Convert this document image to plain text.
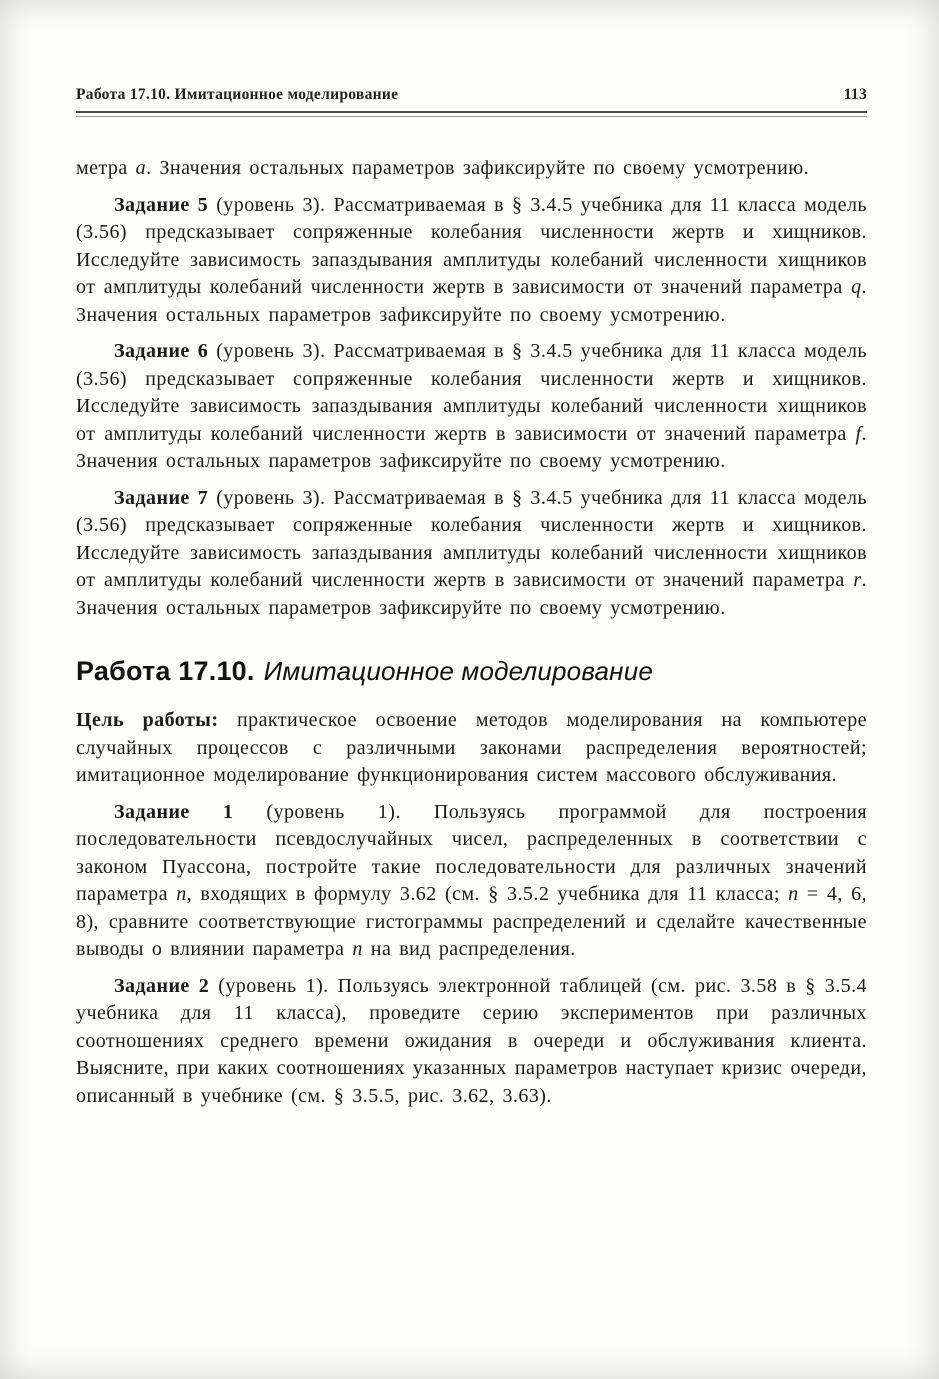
Работа 17.10. Имитационное моделирование	113

метра a. Значения остальных параметров зафиксируйте по своему усмотрению.

Задание 5 (уровень 3). Рассматриваемая в § 3.4.5 учебника для 11 класса модель (3.56) предсказывает сопряженные колебания численности жертв и хищников. Исследуйте зависимость запаздывания амплитуды колебаний численности хищников от амплитуды колебаний численности жертв в зависимости от значений параметра q. Значения остальных параметров зафиксируйте по своему усмотрению.

Задание 6 (уровень 3). Рассматриваемая в § 3.4.5 учебника для 11 класса модель (3.56) предсказывает сопряженные колебания численности жертв и хищников. Исследуйте зависимость запаздывания амплитуды колебаний численности хищников от амплитуды колебаний численности жертв в зависимости от значений параметра f. Значения остальных параметров зафиксируйте по своему усмотрению.

Задание 7 (уровень 3). Рассматриваемая в § 3.4.5 учебника для 11 класса модель (3.56) предсказывает сопряженные колебания численности жертв и хищников. Исследуйте зависимость запаздывания амплитуды колебаний численности хищников от амплитуды колебаний численности жертв в зависимости от значений параметра r. Значения остальных параметров зафиксируйте по своему усмотрению.

Работа 17.10. Имитационное моделирование

Цель работы: практическое освоение методов моделирования на компьютере случайных процессов с различными законами распределения вероятностей; имитационное моделирование функционирования систем массового обслуживания.

Задание 1 (уровень 1). Пользуясь программой для построения последовательности псевдослучайных чисел, распределенных в соответствии с законом Пуассона, постройте такие последовательности для различных значений параметра n, входящих в формулу 3.62 (см. § 3.5.2 учебника для 11 класса; n = 4, 6, 8), сравните соответствующие гистограммы распределений и сделайте качественные выводы о влиянии параметра n на вид распределения.

Задание 2 (уровень 1). Пользуясь электронной таблицей (см. рис. 3.58 в § 3.5.4 учебника для 11 класса), проведите серию экспериментов при различных соотношениях среднего времени ожидания в очереди и обслуживания клиента. Выясните, при каких соотношениях указанных параметров наступает кризис очереди, описанный в учебнике (см. § 3.5.5, рис. 3.62, 3.63).
